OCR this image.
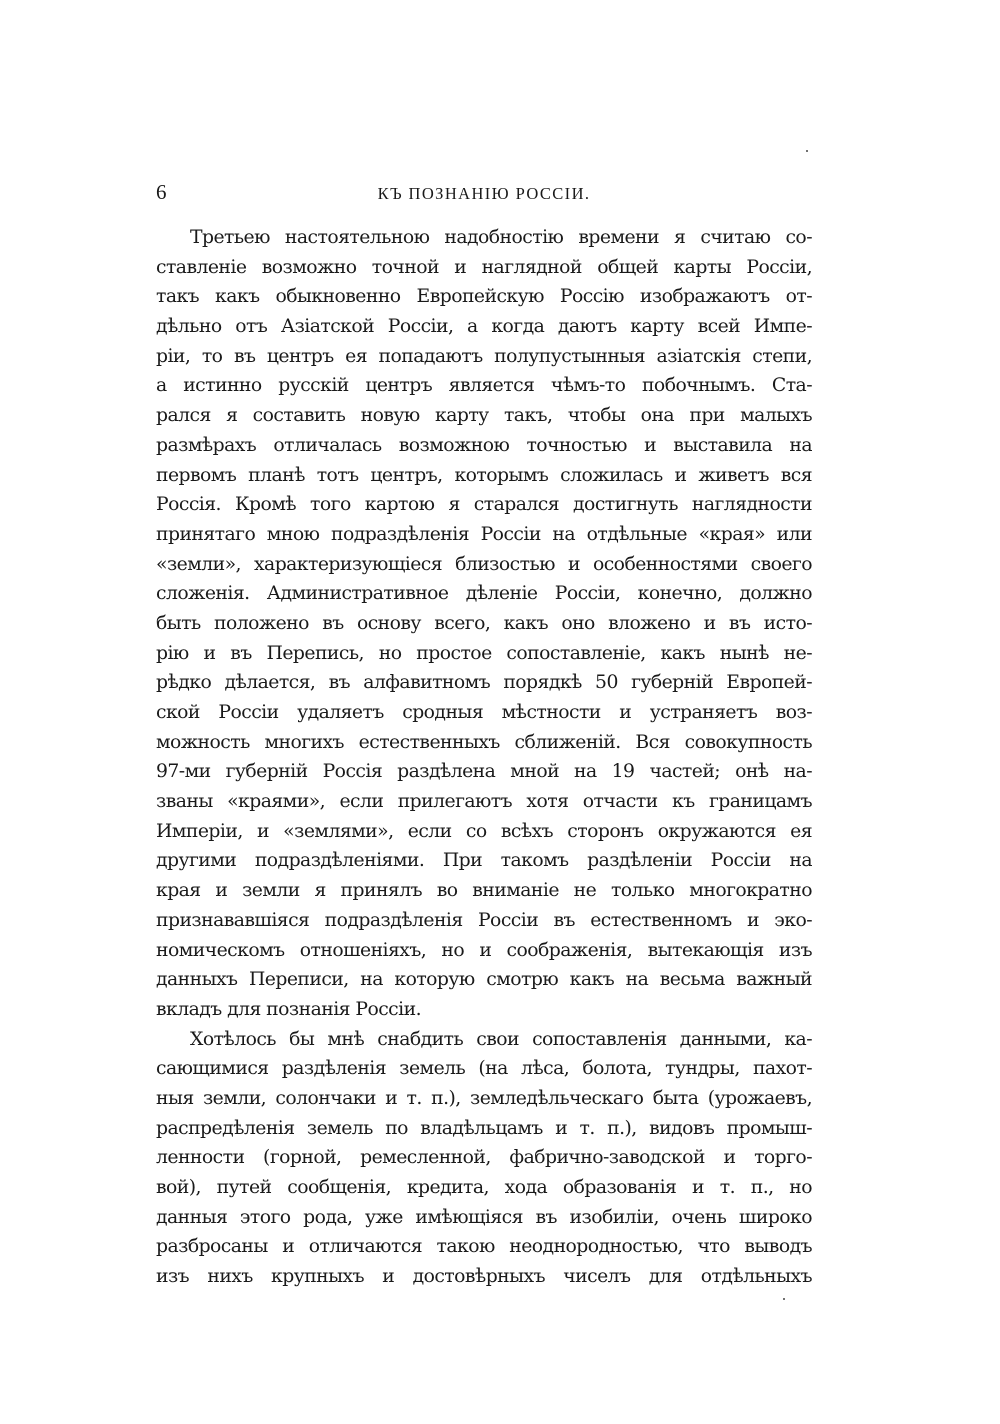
6	КЪ ПОЗНАНІЮ РОССІИ.

Третьею настоятельною надобностію времени я считаю со-
ставленіе возможно точной и наглядной общей карты Россіи,
такъ какъ обыкновенно Европейскую Россію изображаютъ от-
дѣльно отъ Азіатской Россіи, а когда даютъ карту всей Импе-
ріи, то въ центръ ея попадаютъ полупустынныя азіатскія степи,
а истинно русскій центръ является чѣмъ-то побочнымъ. Ста-
рался я составить новую карту такъ, чтобы она при малыхъ
размѣрахъ отличалась возможною точностью и выставила на
первомъ планѣ тотъ центръ, которымъ сложилась и живетъ вся
Россія. Кромѣ того картою я старался достигнуть наглядности
принятаго мною подраздѣленія Россіи на отдѣльные «края» или
«земли», характеризующіеся близостью и особенностями своего
сложенія. Административное дѣленіе Россіи, конечно, должно
быть положено въ основу всего, какъ оно вложено и въ исто-
рію и въ Перепись, но простое сопоставленіе, какъ нынѣ не-
рѣдко дѣлается, въ алфавитномъ порядкѣ 50 губерній Европей-
ской Россіи удаляетъ сродныя мѣстности и устраняетъ воз-
можность многихъ естественныхъ сближеній. Вся совокупность
97-ми губерній Россія раздѣлена мной на 19 частей; онѣ на-
званы «краями», если прилегаютъ хотя отчасти къ границамъ
Имперіи, и «землями», если со всѣхъ сторонъ окружаются ея
другими подраздѣленіями. При такомъ раздѣленіи Россіи на
края и земли я принялъ во вниманіе не только многократно
признававшіяся подраздѣленія Россіи въ естественномъ и эко-
номическомъ отношеніяхъ, но и соображенія, вытекающія изъ
данныхъ Переписи, на которую смотрю какъ на весьма важный
вкладъ для познанія Россіи.

Хотѣлось бы мнѣ снабдить свои сопоставленія данными, ка-
сающимися раздѣленія земель (на лѣса, болота, тундры, пахот-
ныя земли, солончаки и т. п.), земледѣльческаго быта (урожаевъ,
распредѣленія земель по владѣльцамъ и т. п.), видовъ промыш-
ленности (горной, ремесленной, фабрично-заводской и торго-
вой), путей сообщенія, кредита, хода образованія и т. п., но
данныя этого рода, уже имѣющіяся въ изобиліи, очень широко
разбросаны и отличаются такою неоднородностью, что выводъ
изъ нихъ крупныхъ и достовѣрныхъ чиселъ для отдѣльныхъ
